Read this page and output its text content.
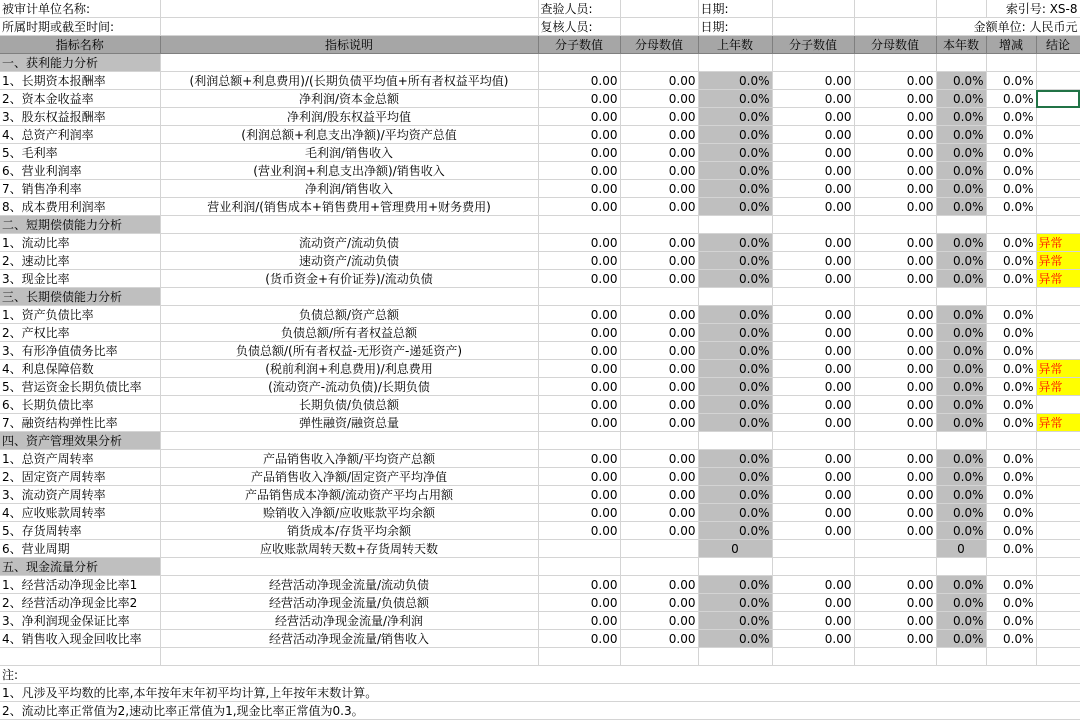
被审计单位名称:		查验人员:		日期:				索引号: XS-8	
所属时期或截至时间:		复核人员:		日期:			金额单位: 人民币元		
指标名称	指标说明	分子数值	分母数值	上年数	分子数值	分母数值	本年数	增减	结论
一、获利能力分析									
1、长期资本报酬率	(利润总额+利息费用)/(长期负债平均值+所有者权益平均值)	0.00	0.00	0.0%	0.00	0.00	0.0%	0.0%	
2、资本金收益率	净利润/资本金总额	0.00	0.00	0.0%	0.00	0.00	0.0%	0.0%	
3、股东权益报酬率	净利润/股东权益平均值	0.00	0.00	0.0%	0.00	0.00	0.0%	0.0%	
4、总资产利润率	(利润总额+利息支出净额)/平均资产总值	0.00	0.00	0.0%	0.00	0.00	0.0%	0.0%	
5、毛利率	毛利润/销售收入	0.00	0.00	0.0%	0.00	0.00	0.0%	0.0%	
6、营业利润率	(营业利润+利息支出净额)/销售收入	0.00	0.00	0.0%	0.00	0.00	0.0%	0.0%	
7、销售净利率	净利润/销售收入	0.00	0.00	0.0%	0.00	0.00	0.0%	0.0%	
8、成本费用利润率	营业利润/(销售成本+销售费用+管理费用+财务费用)	0.00	0.00	0.0%	0.00	0.00	0.0%	0.0%	
二、短期偿债能力分析									
1、流动比率	流动资产/流动负债	0.00	0.00	0.0%	0.00	0.00	0.0%	0.0%	异常
2、速动比率	速动资产/流动负债	0.00	0.00	0.0%	0.00	0.00	0.0%	0.0%	异常
3、现金比率	(货币资金+有价证券)/流动负债	0.00	0.00	0.0%	0.00	0.00	0.0%	0.0%	异常
三、长期偿债能力分析									
1、资产负债比率	负债总额/资产总额	0.00	0.00	0.0%	0.00	0.00	0.0%	0.0%	
2、产权比率	负债总额/所有者权益总额	0.00	0.00	0.0%	0.00	0.00	0.0%	0.0%	
3、有形净值债务比率	负债总额/(所有者权益-无形资产-递延资产)	0.00	0.00	0.0%	0.00	0.00	0.0%	0.0%	
4、利息保障倍数	(税前利润+利息费用)/利息费用	0.00	0.00	0.0%	0.00	0.00	0.0%	0.0%	异常
5、营运资金长期负债比率	(流动资产-流动负债)/长期负债	0.00	0.00	0.0%	0.00	0.00	0.0%	0.0%	异常
6、长期负债比率	长期负债/负债总额	0.00	0.00	0.0%	0.00	0.00	0.0%	0.0%	
7、融资结构弹性比率	弹性融资/融资总量	0.00	0.00	0.0%	0.00	0.00	0.0%	0.0%	异常
四、资产管理效果分析									
1、总资产周转率	产品销售收入净额/平均资产总额	0.00	0.00	0.0%	0.00	0.00	0.0%	0.0%	
2、固定资产周转率	产品销售收入净额/固定资产平均净值	0.00	0.00	0.0%	0.00	0.00	0.0%	0.0%	
3、流动资产周转率	产品销售成本净额/流动资产平均占用额	0.00	0.00	0.0%	0.00	0.00	0.0%	0.0%	
4、应收账款周转率	赊销收入净额/应收账款平均余额	0.00	0.00	0.0%	0.00	0.00	0.0%	0.0%	
5、存货周转率	销货成本/存货平均余额	0.00	0.00	0.0%	0.00	0.00	0.0%	0.0%	
6、营业周期	应收账款周转天数+存货周转天数			0			0	0.0%	
五、现金流量分析									
1、经营活动净现金比率1	经营活动净现金流量/流动负债	0.00	0.00	0.0%	0.00	0.00	0.0%	0.0%	
2、经营活动净现金比率2	经营活动净现金流量/负债总额	0.00	0.00	0.0%	0.00	0.00	0.0%	0.0%	
3、净利润现金保证比率	经营活动净现金流量/净利润	0.00	0.00	0.0%	0.00	0.00	0.0%	0.0%	
4、销售收入现金回收比率	经营活动净现金流量/销售收入	0.00	0.00	0.0%	0.00	0.00	0.0%	0.0%	

注:									
1、凡涉及平均数的比率,本年按年末年初平均计算,上年按年末数计算。									
2、流动比率正常值为2,速动比率正常值为1,现金比率正常值为0.3。									
